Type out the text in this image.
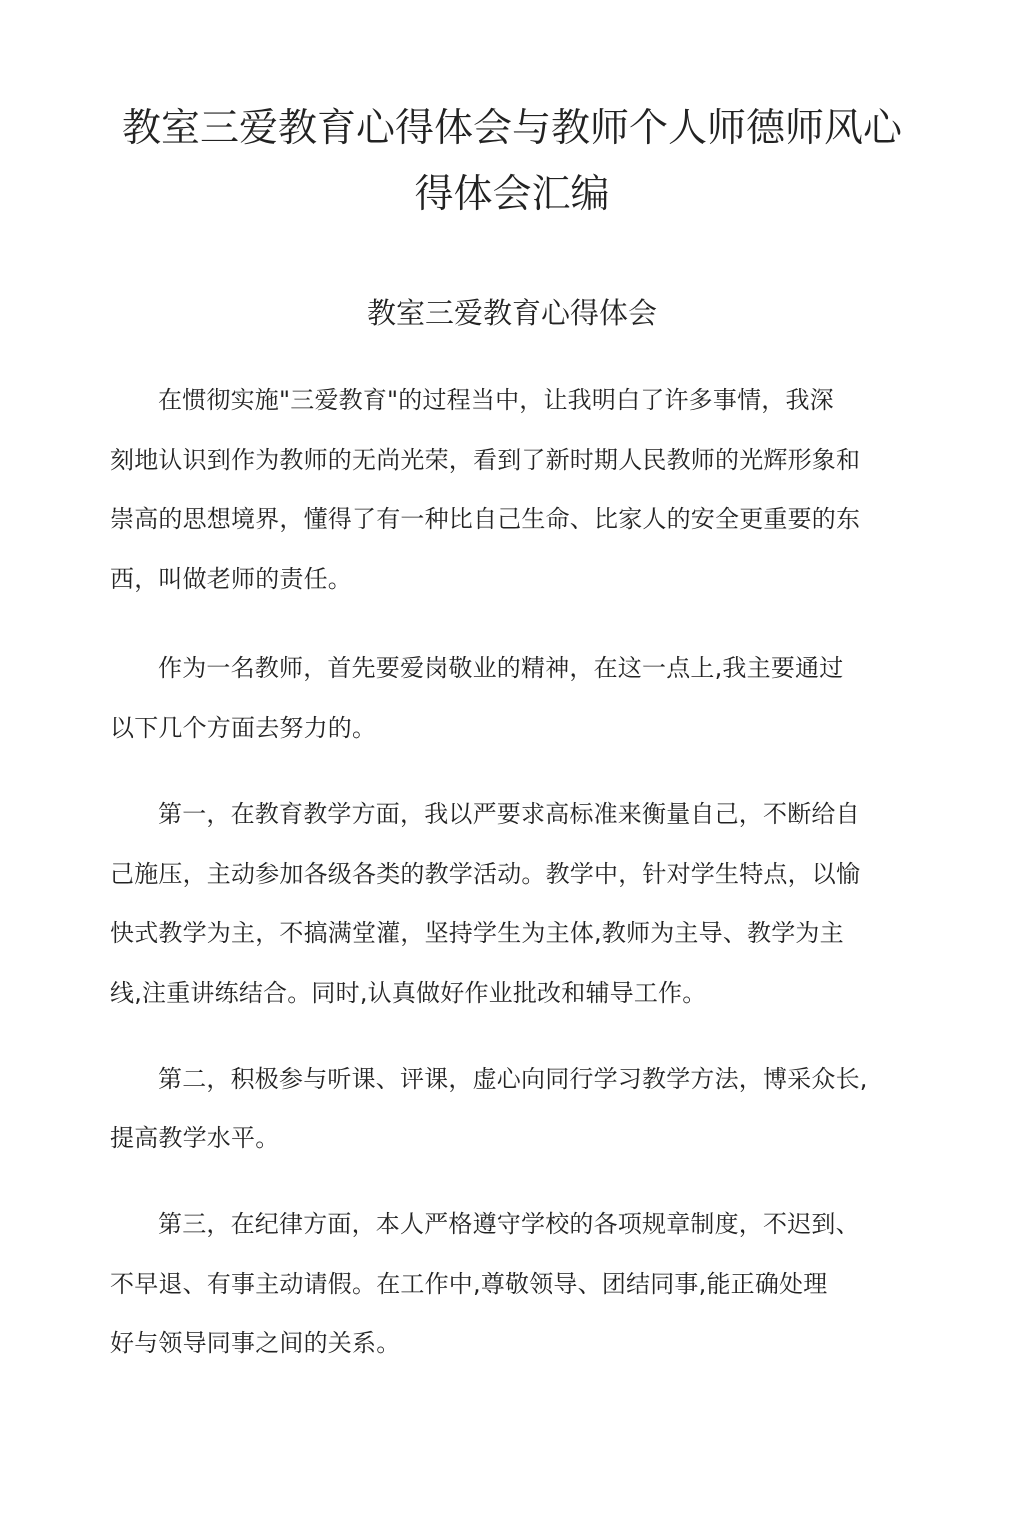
教室三爱教育心得体会与教师个人师德师风心
得体会汇编
教室三爱教育心得体会
在惯彻实施"三爱教育"的过程当中，让我明白了许多事情，我深
刻地认识到作为教师的无尚光荣，看到了新时期人民教师的光辉形象和
崇高的思想境界，懂得了有一种比自己生命、比家人的安全更重要的东
西，叫做老师的责任。
作为一名教师，首先要爱岗敬业的精神，在这一点上,我主要通过
以下几个方面去努力的。
第一，在教育教学方面，我以严要求高标准来衡量自己，不断给自
己施压，主动参加各级各类的教学活动。教学中，针对学生特点，以愉
快式教学为主，不搞满堂灌，坚持学生为主体,教师为主导、教学为主
线,注重讲练结合。同时,认真做好作业批改和辅导工作。
第二，积极参与听课、评课，虚心向同行学习教学方法，博采众长,
提高教学水平。
第三，在纪律方面，本人严格遵守学校的各项规章制度，不迟到、
不早退、有事主动请假。在工作中,尊敬领导、团结同事,能正确处理
好与领导同事之间的关系。
